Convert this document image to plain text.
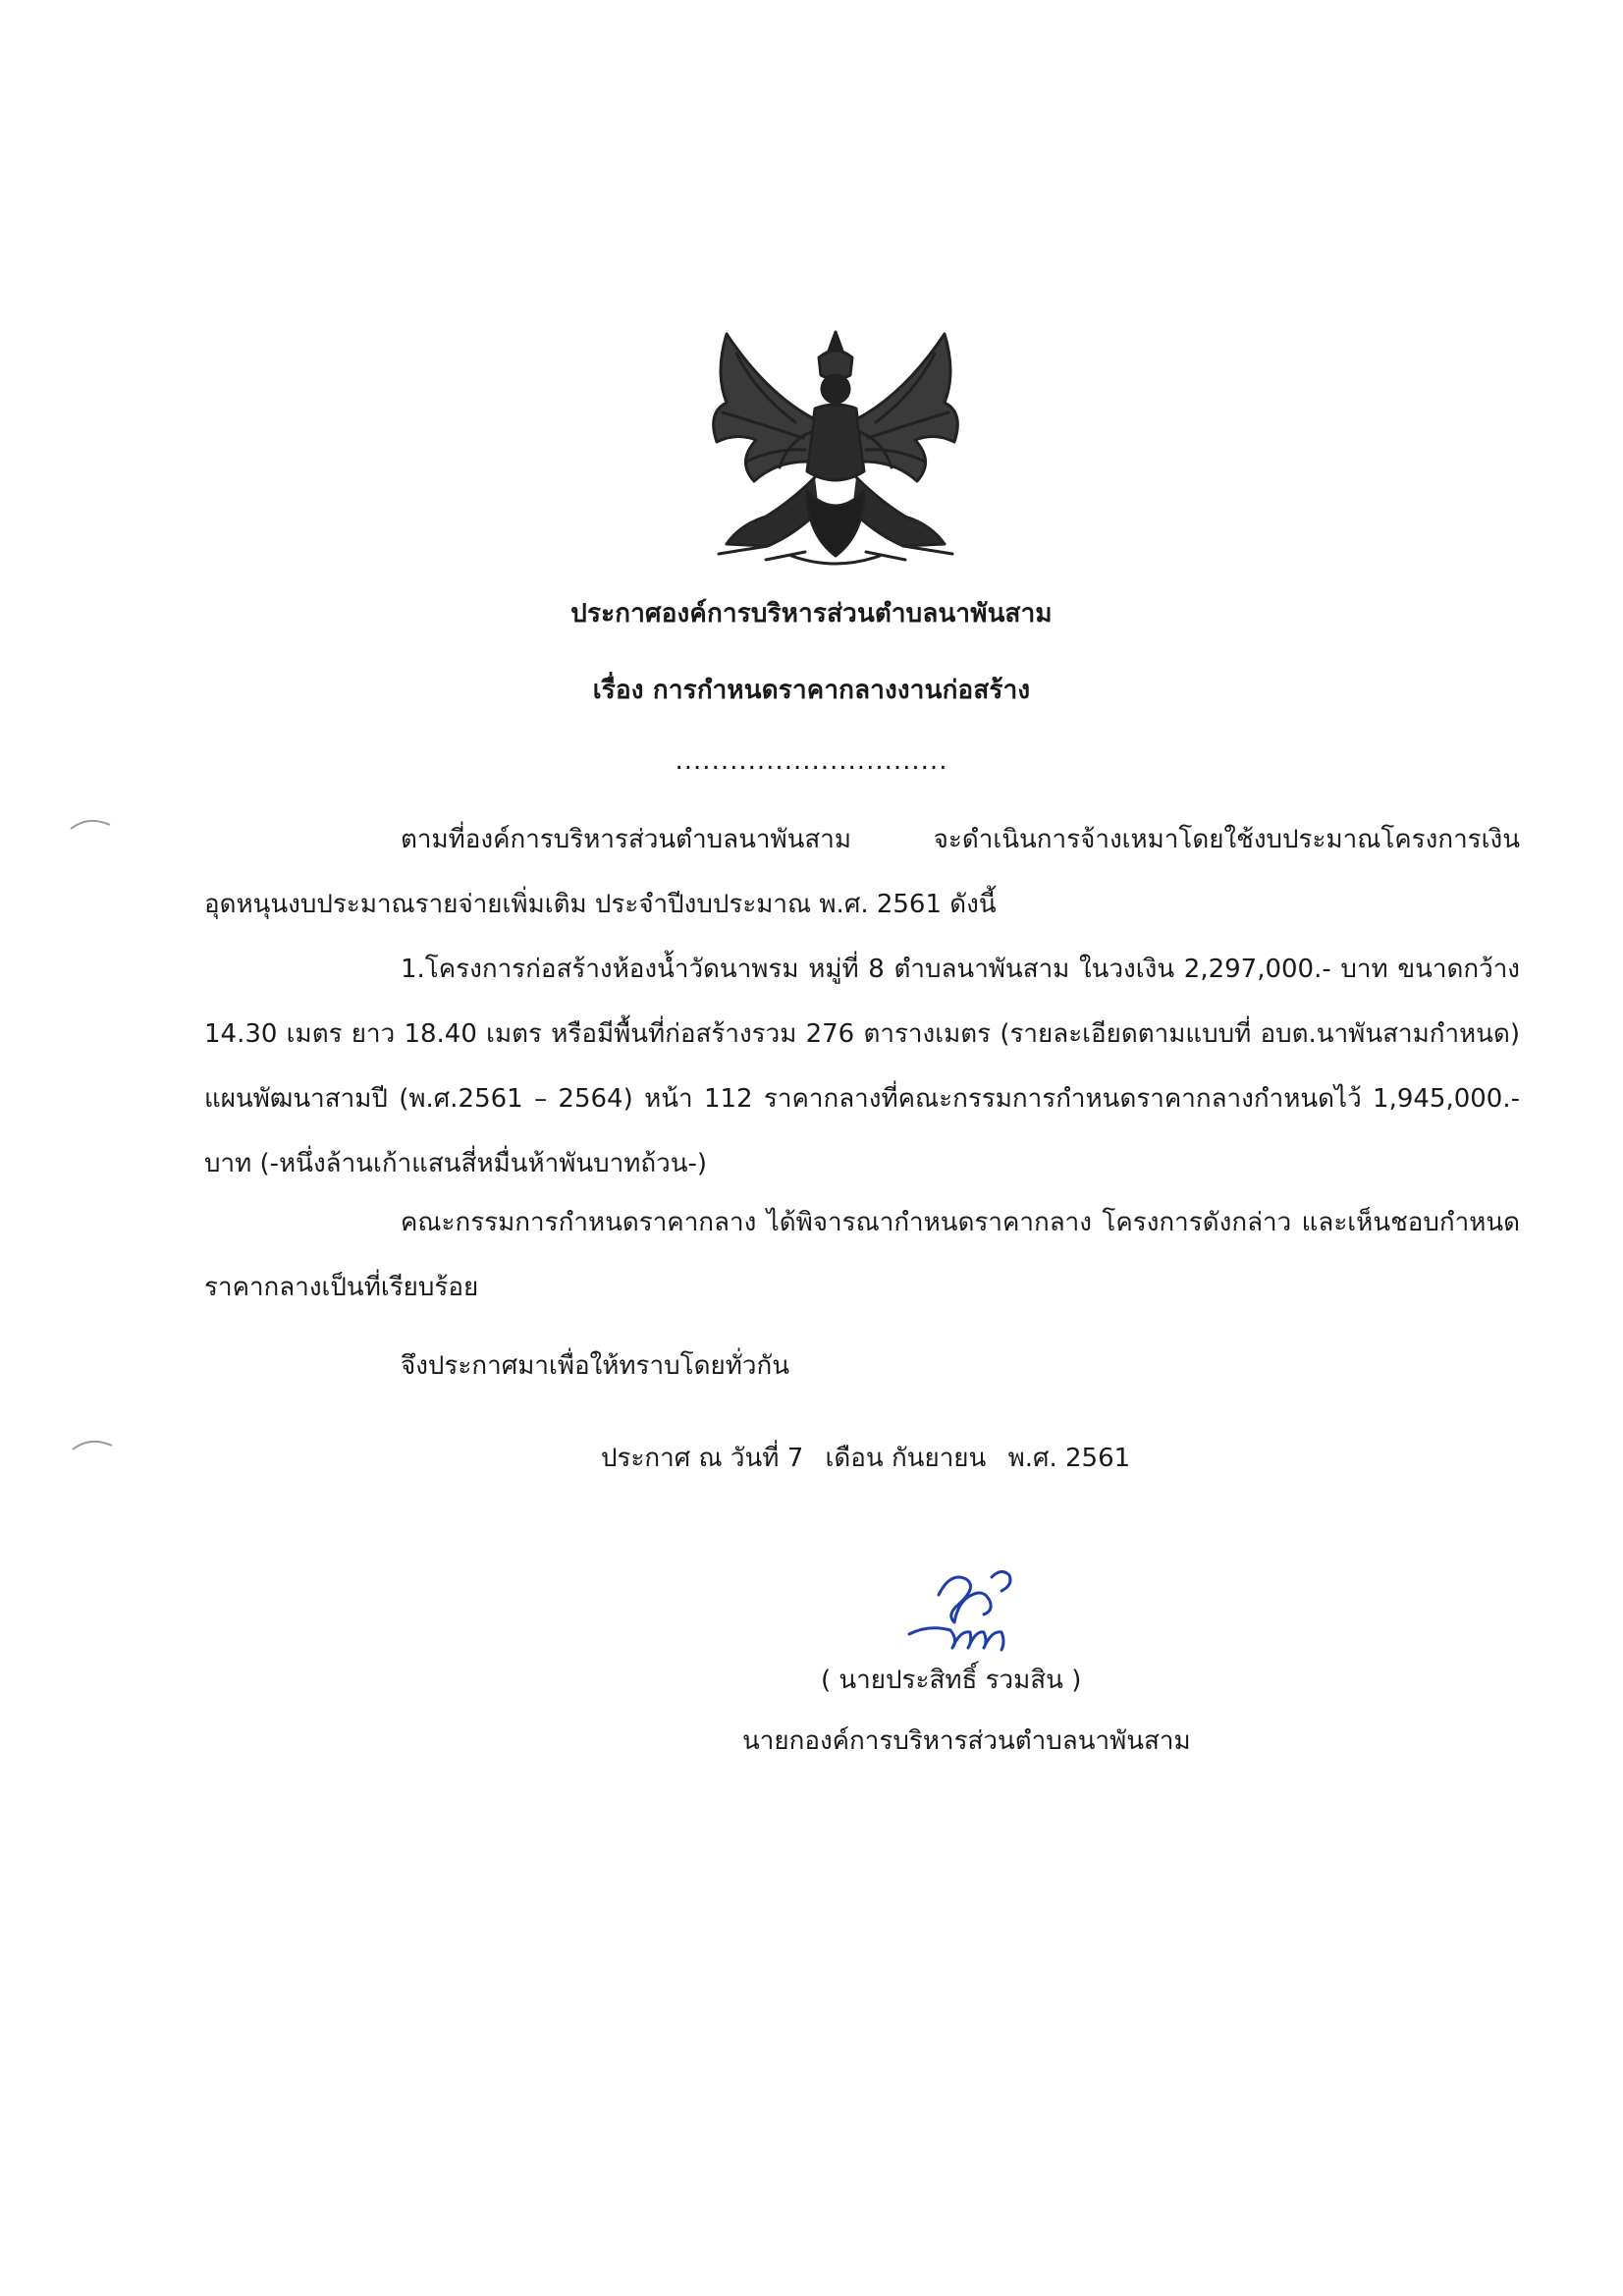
ประกาศองค์การบริหารส่วนตำบลนาพันสาม
เรื่อง การกำหนดราคากลางงานก่อสร้าง
..............................
ตามที่องค์การบริหารส่วนตำบลนาพันสาม จะดำเนินการจ้างเหมาโดยใช้งบประมาณโครงการเงินอุดหนุนงบประมาณรายจ่ายเพิ่มเติม ประจำปีงบประมาณ พ.ศ. 2561 ดังนี้
1.โครงการก่อสร้างห้องน้ำวัดนาพรม หมู่ที่ 8 ตำบลนาพันสาม ในวงเงิน 2,297,000.- บาท ขนาดกว้าง 14.30 เมตร ยาว 18.40 เมตร หรือมีพื้นที่ก่อสร้างรวม 276 ตารางเมตร (รายละเอียดตามแบบที่ อบต.นาพันสามกำหนด) แผนพัฒนาสามปี (พ.ศ.2561 – 2564) หน้า 112 ราคากลางที่คณะกรรมการกำหนดราคากลางกำหนดไว้ 1,945,000.- บาท (-หนึ่งล้านเก้าแสนสี่หมื่นห้าพันบาทถ้วน-)
คณะกรรมการกำหนดราคากลาง ได้พิจารณากำหนดราคากลาง โครงการดังกล่าว และเห็นชอบกำหนดราคากลางเป็นที่เรียบร้อย
จึงประกาศมาเพื่อให้ทราบโดยทั่วกัน
ประกาศ ณ วันที่ 7 เดือน กันยายน พ.ศ. 2561
( นายประสิทธิ์ รวมสิน )
นายกองค์การบริหารส่วนตำบลนาพันสาม
